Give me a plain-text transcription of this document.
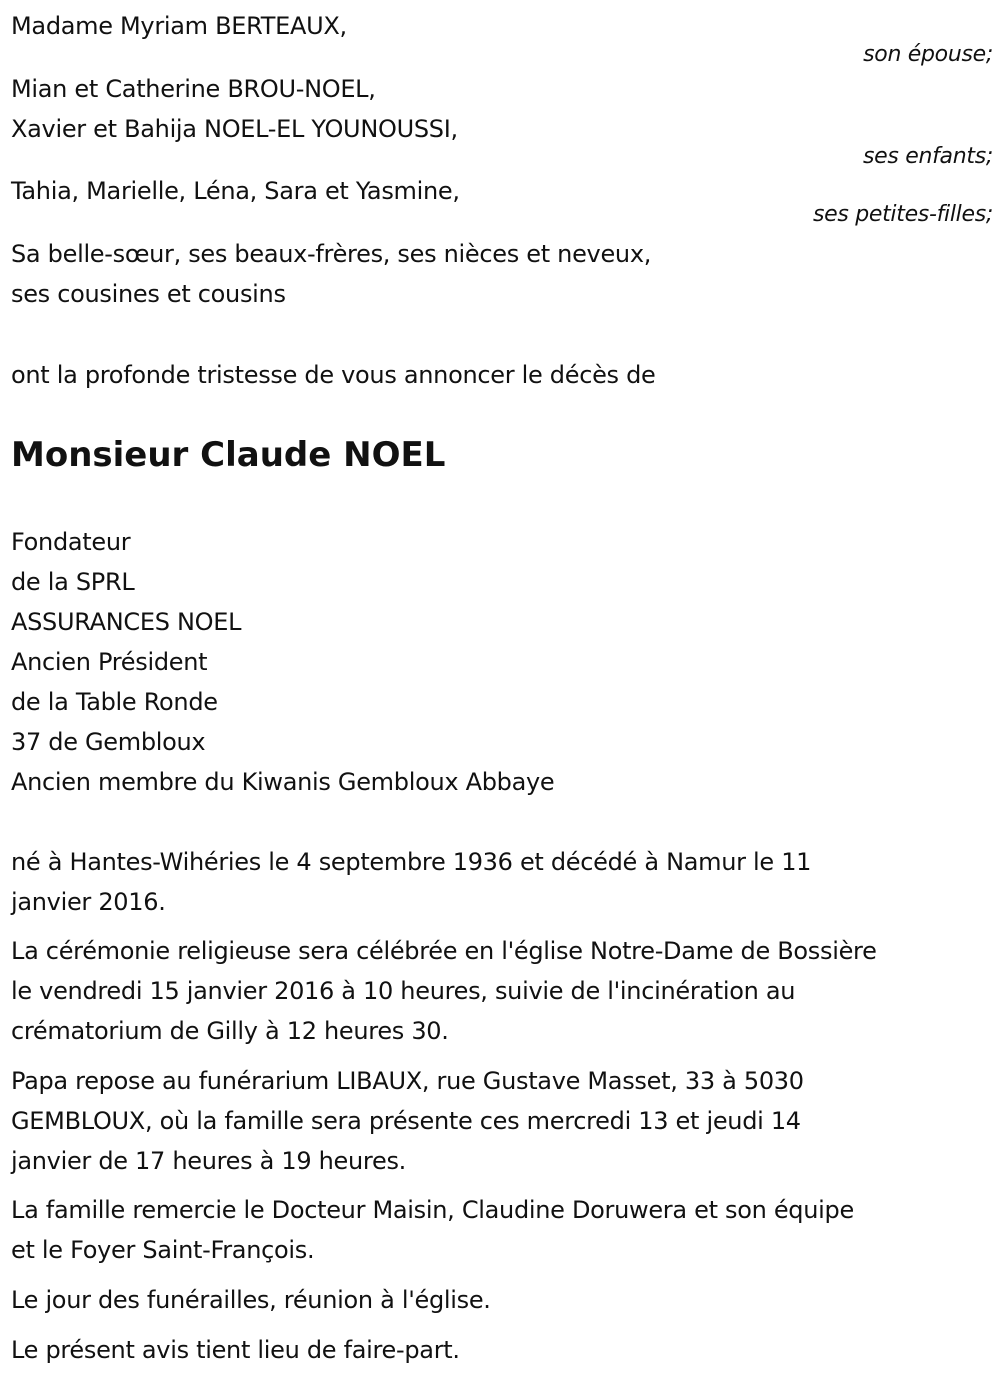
Madame Myriam BERTEAUX,
son épouse;
Mian et Catherine BROU-NOEL,
Xavier et Bahija NOEL-EL YOUNOUSSI,
ses enfants;
Tahia, Marielle, Léna, Sara et Yasmine,
ses petites-filles;
Sa belle-sœur, ses beaux-frères, ses nièces et neveux,
ses cousines et cousins
ont la profonde tristesse de vous annoncer le décès de
Monsieur Claude NOEL
Fondateur
de la SPRL
ASSURANCES NOEL
Ancien Président
de la Table Ronde
37 de Gembloux
Ancien membre du Kiwanis Gembloux Abbaye
né à Hantes-Wihéries le 4 septembre 1936 et décédé à Namur le 11
janvier 2016.
La cérémonie religieuse sera célébrée en l'église Notre-Dame de Bossière
le vendredi 15 janvier 2016 à 10 heures, suivie de l'incinération au
crématorium de Gilly à 12 heures 30.
Papa repose au funérarium LIBAUX, rue Gustave Masset, 33 à 5030
GEMBLOUX, où la famille sera présente ces mercredi 13 et jeudi 14
janvier de 17 heures à 19 heures.
La famille remercie le Docteur Maisin, Claudine Doruwera et son équipe
et le Foyer Saint-François.
Le jour des funérailles, réunion à l'église.
Le présent avis tient lieu de faire-part.
